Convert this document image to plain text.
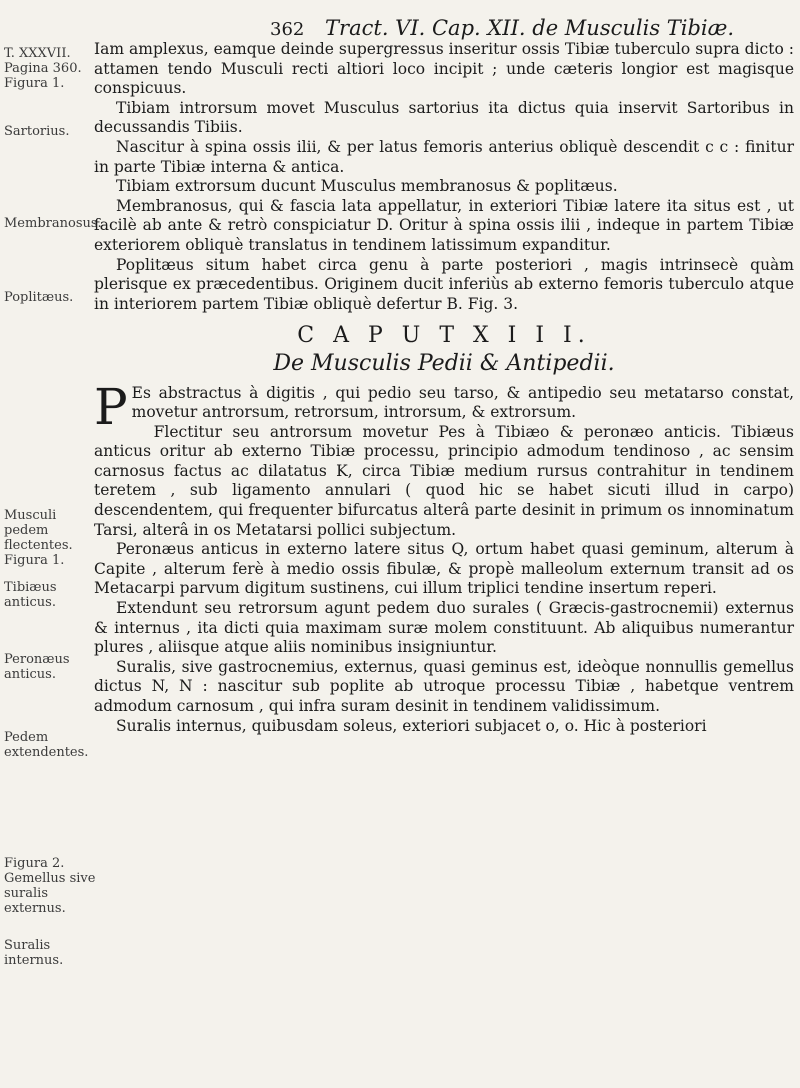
362 Tract. VI. Cap. XII. de Musculis Tibiæ.
T. XXXVII. Pagina 360. Figura 1.
Sartorius.
Membranosus.
Poplitæus.
Musculi pedem flectentes. Figura 1.
Tibiæus anticus.
Peronæus anticus.
Pedem extendentes.
Figura 2. Gemellus sive suralis externus.
Suralis internus.

Iam amplexus, eamque deinde supergressus inseritur ossis Tibiæ tuberculo supra dicto : attamen tendo Musculi recti altiori loco incipit ; unde cæteris longior est magisque conspicuus.

Tibiam introrsum movet Musculus sartorius ita dictus quia inservit Sartoribus in decussandis Tibiis.

Nascitur à spina ossis ilii, & per latus femoris anterius obliquè descendit c c : finitur in parte Tibiæ interna & antica.

Tibiam extrorsum ducunt Musculus membranosus & poplitæus.

Membranosus, qui & fascia lata appellatur, in exteriori Tibiæ latere ita situs est , ut facilè ab ante & retrò conspiciatur D. Oritur à spina ossis ilii , indeque in partem Tibiæ exteriorem obliquè translatus in tendinem latissimum expanditur.

Poplitæus situm habet circa genu à parte posteriori , magis intrinsecè quàm plerisque ex præcedentibus. Originem ducit inferiùs ab externo femoris tuberculo atque in interiorem partem Tibiæ obliquè defertur B. Fig. 3.

C A P U T X I I I.
De Musculis Pedii & Antipedii.

P Es abstractus à digitis , qui pedio seu tarso, & antipedio seu metatarso constat, movetur antrorsum, retrorsum, introrsum, & extrorsum.

Flectitur seu antrorsum movetur Pes à Tibiæo & peronæo anticis. Tibiæus anticus oritur ab externo Tibiæ processu, principio admodum tendinoso , ac sensim carnosus factus ac dilatatus K, circa Tibiæ medium rursus contrahitur in tendinem teretem , sub ligamento annulari ( quod hic se habet sicuti illud in carpo) descendentem, qui frequenter bifurcatus alterâ parte desinit in primum os innominatum Tarsi, alterâ in os Metatarsi pollici subjectum.

Peronæus anticus in externo latere situs Q, ortum habet quasi geminum, alterum à Capite , alterum ferè à medio ossis fibulæ, & propè malleolum externum transit ad os Metacarpi parvum digitum sustinens, cui illum triplici tendine insertum reperi.

Extendunt seu retrorsum agunt pedem duo surales ( Græcis-gastrocnemii) externus & internus , ita dicti quia maximam suræ molem constituunt. Ab aliquibus numerantur plures , aliisque atque aliis nominibus insigniuntur.

Suralis, sive gastrocnemius, externus, quasi geminus est, ideòque nonnullis gemellus dictus N, N : nascitur sub poplite ab utroque processu Tibiæ , habetque ventrem admodum carnosum , qui infra suram desinit in tendinem validissimum.

Suralis internus, quibusdam soleus, exteriori subjacet o, o. Hic à posteriori
